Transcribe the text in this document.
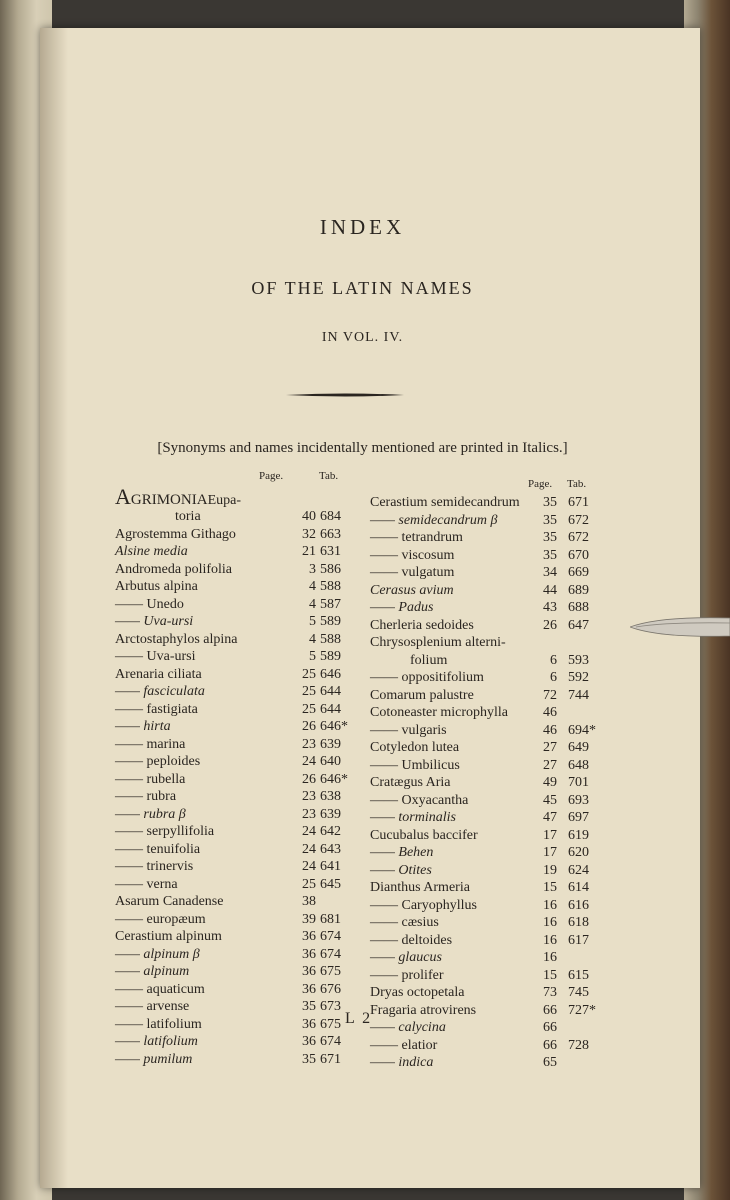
INDEX
OF THE LATIN NAMES
IN VOL. IV.
[Synonyms and names incidentally mentioned are printed in Italics.]
Page.	Tab.
AGRIMONIAEupa-
toria	40 684
Agrostemma Githago	32 663
Alsine media	21 631
Andromeda polifolia	3 586
Arbutus alpina	4 588
—— Unedo	4 587
—— Uva-ursi	5 589
Arctostaphylos alpina	4 588
—— Uva-ursi	5 589
Arenaria ciliata	25 646
—— fasciculata	25 644
—— fastigiata	25 644
—— hirta	26 646*
—— marina	23 639
—— peploides	24 640
—— rubella	26 646*
—— rubra	23 638
—— rubra β	23 639
—— serpyllifolia	24 642
—— tenuifolia	24 643
—— trinervis	24 641
—— verna	25 645
Asarum Canadense	38
—— europæum	39 681
Cerastium alpinum	36 674
—— alpinum β	36 674
—— alpinum	36 675
—— aquaticum	36 676
—— arvense	35 673
—— latifolium	36 675
—— latifolium	36 674
—— pumilum	35 671
Page. Tab.
Cerastium semidecandrum	35 671
—— semidecandrum β	35 672
—— tetrandrum	35 672
—— viscosum	35 670
—— vulgatum	34 669
Cerasus avium	44 689
—— Padus	43 688
Cherleria sedoides	26 647
Chrysosplenium alterni-
folium	6 593
—— oppositifolium	6 592
Comarum palustre	72 744
Cotoneaster microphylla	46
—— vulgaris	46 694*
Cotyledon lutea	27 649
—— Umbilicus	27 648
Cratægus Aria	49 701
—— Oxyacantha	45 693
—— torminalis	47 697
Cucubalus baccifer	17 619
—— Behen	17 620
—— Otites	19 624
Dianthus Armeria	15 614
—— Caryophyllus	16 616
—— cæsius	16 618
—— deltoides	16 617
—— glaucus	16
—— prolifer	15 615
Dryas octopetala	73 745
Fragaria atrovirens	66 727*
—— calycina	66
—— elatior	66 728
—— indica	65
L 2
